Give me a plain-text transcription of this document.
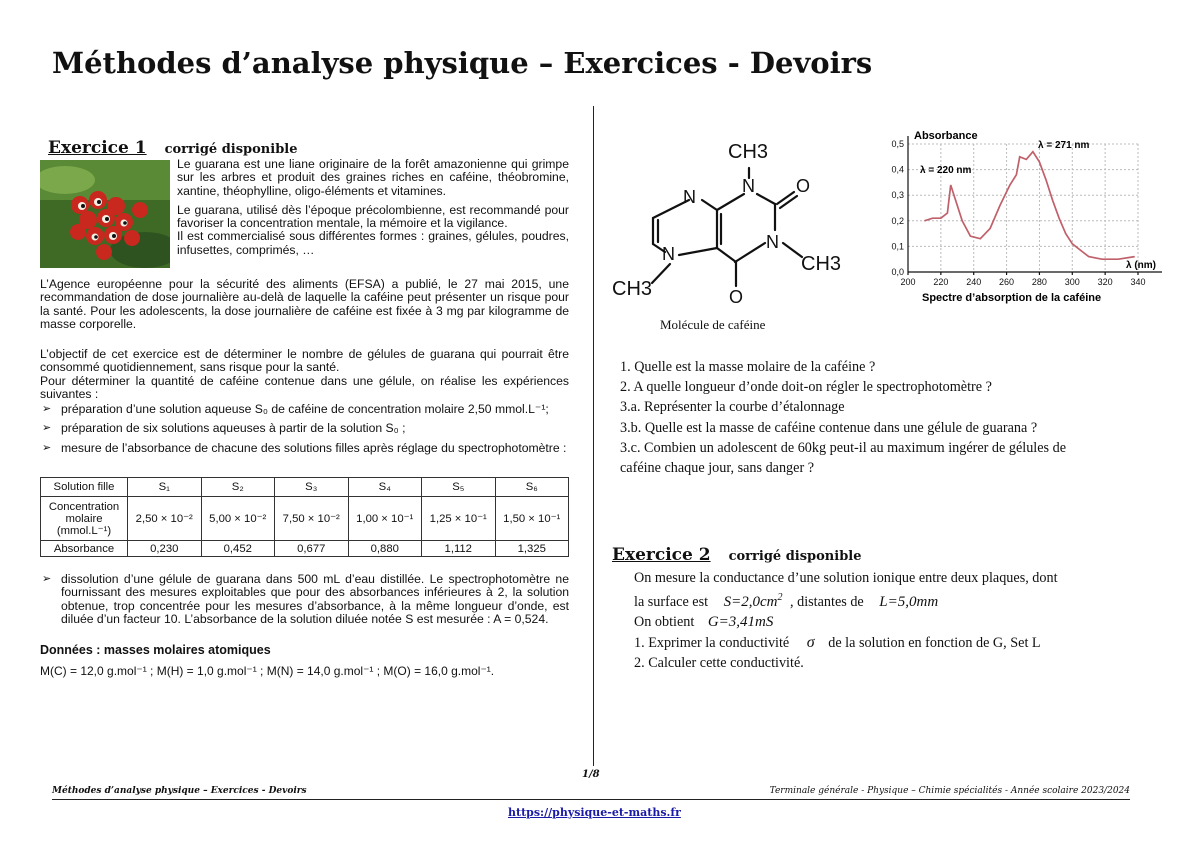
Méthodes d’analyse physique – Exercices - Devoirs
Exercice 1 corrigé disponible

Le guarana est une liane originaire de la forêt amazonienne qui grimpe sur les arbres et produit des graines riches en caféine, théobromine, xantine, théophylline, oligo-éléments et vitamines.

Le guarana, utilisé dès l’époque précolombienne, est recommandé pour favoriser la concentration mentale, la mémoire et la vigilance.

Il est commercialisé sous différentes formes : graines, gélules, poudres, infusettes, comprimés, …

L’Agence européenne pour la sécurité des aliments (EFSA) a publié, le 27 mai 2015, une recommandation de dose journalière au-delà de laquelle la caféine peut présenter un risque pour la santé. Pour les adolescents, la dose journalière de caféine est fixée à 3 mg par kilogramme de masse corporelle.

L’objectif de cet exercice est de déterminer le nombre de gélules de guarana qui pourrait être consommé quotidiennement, sans risque pour la santé.

Pour déterminer la quantité de caféine contenue dans une gélule, on réalise les expériences suivantes :

➢ préparation d’une solution aqueuse S₀ de caféine de concentration molaire 2,50 mmol.L⁻¹;

➢ préparation de six solutions aqueuses à partir de la solution S₀ ;

➢ mesure de l’absorbance de chacune des solutions filles après réglage du spectrophotomètre :

Solution fille	S₁	S₂	S₃	S₄	S₅	S₆
Concentration molaire (mmol.L⁻¹)	2,50 × 10⁻²	5,00 × 10⁻²	7,50 × 10⁻²	1,00 × 10⁻¹	1,25 × 10⁻¹	1,50 × 10⁻¹
Absorbance	0,230	0,452	0,677	0,880	1,112	1,325

➢ dissolution d’une gélule de guarana dans 500 mL d’eau distillée. Le spectrophotomètre ne fournissant des mesures exploitables que pour des absorbances inférieures à 2, la solution obtenue, trop concentrée pour les mesures d’absorbance, à la même longueur d’onde, est diluée d’un facteur 10. L’absorbance de la solution diluée notée S est mesurée : A = 0,524.

Données : masses molaires atomiques
M(C) = 12,0 g.mol⁻¹ ; M(H) = 1,0 g.mol⁻¹ ; M(N) = 14,0 g.mol⁻¹ ; M(O) = 16,0 g.mol⁻¹.
CH3
N O
N
N
N	CH3
CH3	O
Molécule de caféine
0,5
0,4
0,3
0,2
0,1
0,0
200 220 240 260 280 300 320 340
Absorbance
λ (nm)
λ = 220 nm
λ = 271 nm
Spectre d’absorption de la caféine
1. Quelle est la masse molaire de la caféine ?
2. A quelle longueur d’onde doit-on régler le spectrophotomètre ?
3.a. Représenter la courbe d’étalonnage
3.b. Quelle est la masse de caféine contenue dans une gélule de guarana ?
3.c. Combien un adolescent de 60kg peut-il au maximum ingérer de gélules de
caféine chaque jour, sans danger ?
Exercice 2 corrigé disponible
On mesure la conductance d’une solution ionique entre deux plaques, dont
la surface est $S=2,0cm^2$ , distantes de L=5,0mm
On obtient G=3,41mS
1. Exprimer la conductivité σ de la solution en fonction de G, Set L
2. Calculer cette conductivité.
1/8
Méthodes d’analyse physique – Exercices - Devoirs	Terminale générale - Physique – Chimie spécialités - Année scolaire 2023/2024
https://physique-et-maths.fr
